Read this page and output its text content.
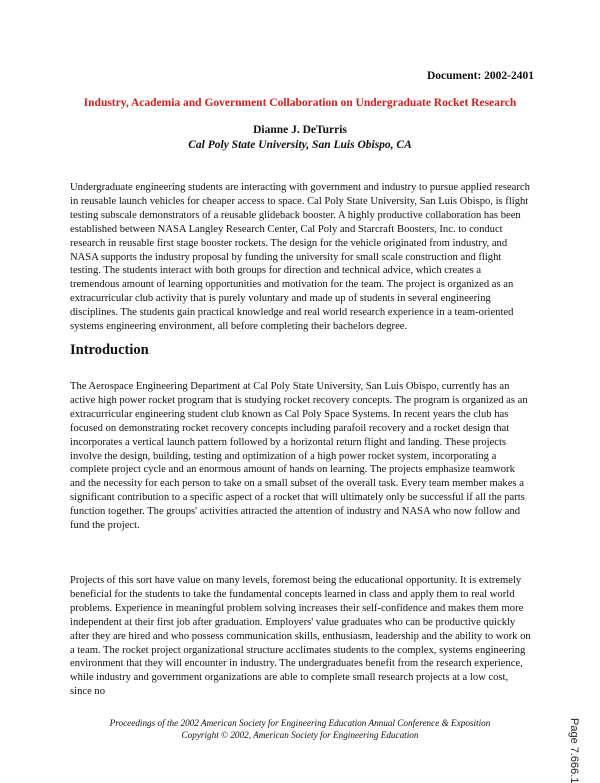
Document: 2002-2401
Industry, Academia and Government Collaboration on Undergraduate Rocket Research
Dianne J. DeTurris
Cal Poly State University, San Luis Obispo, CA

Undergraduate engineering students are interacting with government and industry to pursue applied research in reusable launch vehicles for cheaper access to space. Cal Poly State University, San Luis Obispo, is flight testing subscale demonstrators of a reusable glideback booster. A highly productive collaboration has been established between NASA Langley Research Center, Cal Poly and Starcraft Boosters, Inc. to conduct research in reusable first stage booster rockets. The design for the vehicle originated from industry, and NASA supports the industry proposal by funding the university for small scale construction and flight testing. The students interact with both groups for direction and technical advice, which creates a tremendous amount of learning opportunities and motivation for the team. The project is organized as an extracurricular club activity that is purely voluntary and made up of students in several engineering disciplines. The students gain practical knowledge and real world research experience in a team-oriented systems engineering environment, all before completing their bachelors degree.

Introduction

The Aerospace Engineering Department at Cal Poly State University, San Luis Obispo, currently has an active high power rocket program that is studying rocket recovery concepts. The program is organized as an extracurricular engineering student club known as Cal Poly Space Systems. In recent years the club has focused on demonstrating rocket recovery concepts including parafoil recovery and a rocket design that incorporates a vertical launch pattern followed by a horizontal return flight and landing. These projects involve the design, building, testing and optimization of a high power rocket system, incorporating a complete project cycle and an enormous amount of hands on learning. The projects emphasize teamwork and the necessity for each person to take on a small subset of the overall task. Every team member makes a significant contribution to a specific aspect of a rocket that will ultimately only be successful if all the parts function together. The groups' activities attracted the attention of industry and NASA who now follow and fund the project.

Projects of this sort have value on many levels, foremost being the educational opportunity. It is extremely beneficial for the students to take the fundamental concepts learned in class and apply them to real world problems. Experience in meaningful problem solving increases their self-confidence and makes them more independent at their first job after graduation. Employers' value graduates who can be productive quickly after they are hired and who possess communication skills, enthusiasm, leadership and the ability to work on a team. The rocket project organizational structure acclimates students to the complex, systems engineering environment that they will encounter in industry. The undergraduates benefit from the research experience, while industry and government organizations are able to complete small research projects at a low cost, since no

Proceedings of the 2002 American Society for Engineering Education Annual Conference & Exposition
Copyright © 2002, American Society for Engineering Education	Page 7.666.1
